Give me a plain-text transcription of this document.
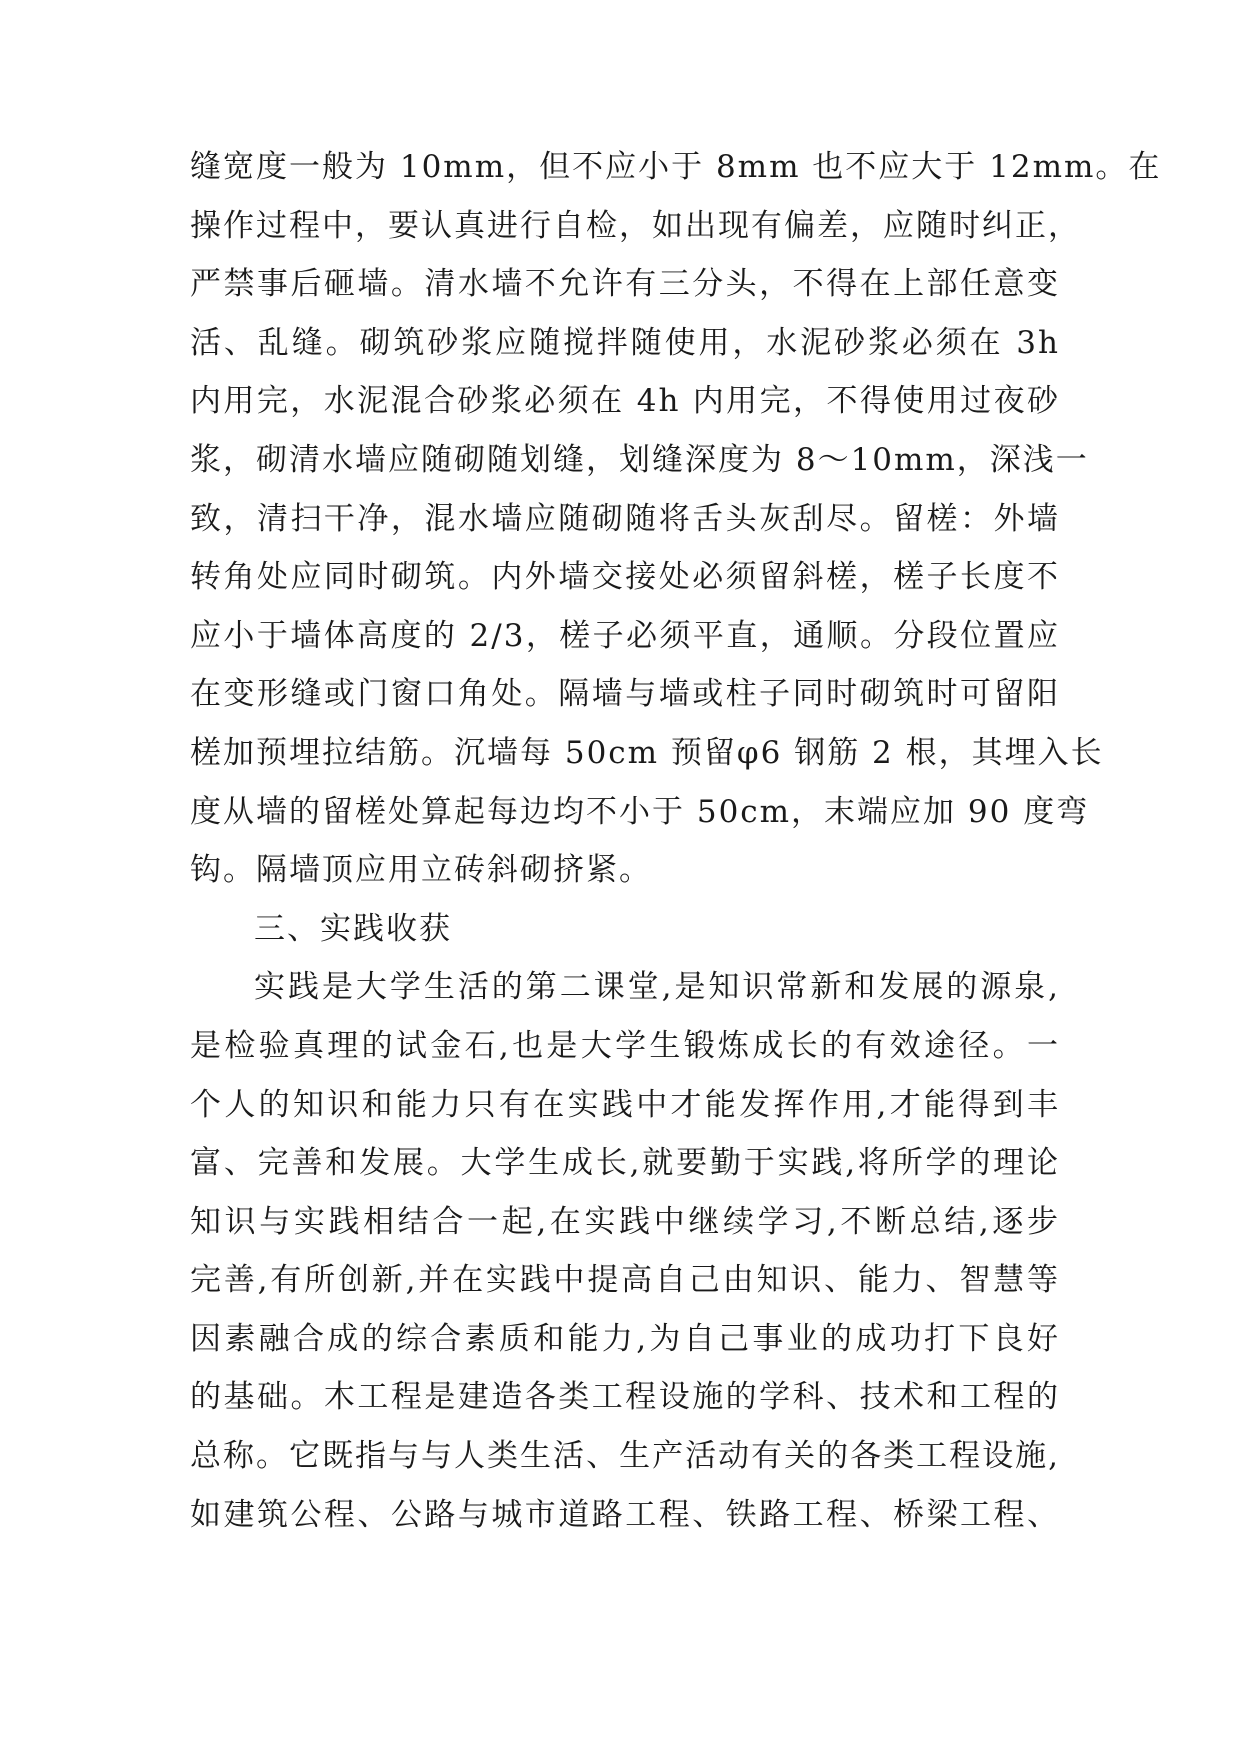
缝宽度一般为 10mm，但不应小于 8mm 也不应大于 12mm。在
操作过程中，要认真进行自检，如出现有偏差，应随时纠正，
严禁事后砸墙。清水墙不允许有三分头，不得在上部任意变
活、乱缝。砌筑砂浆应随搅拌随使用，水泥砂浆必须在 3h
内用完，水泥混合砂浆必须在 4h 内用完，不得使用过夜砂
浆，砌清水墙应随砌随划缝，划缝深度为 8～10mm，深浅一
致，清扫干净，混水墙应随砌随将舌头灰刮尽。留槎：外墙
转角处应同时砌筑。内外墙交接处必须留斜槎，槎子长度不
应小于墙体高度的 2/3，槎子必须平直，通顺。分段位置应
在变形缝或门窗口角处。隔墙与墙或柱子同时砌筑时可留阳
槎加预埋拉结筋。沉墙每 50cm 预留φ6 钢筋 2 根，其埋入长
度从墙的留槎处算起每边均不小于 50cm，末端应加 90 度弯
钩。隔墙顶应用立砖斜砌挤紧。
三、实践收获
实践是大学生活的第二课堂,是知识常新和发展的源泉,
是检验真理的试金石,也是大学生锻炼成长的有效途径。一
个人的知识和能力只有在实践中才能发挥作用,才能得到丰
富、完善和发展。大学生成长,就要勤于实践,将所学的理论
知识与实践相结合一起,在实践中继续学习,不断总结,逐步
完善,有所创新,并在实践中提高自己由知识、能力、智慧等
因素融合成的综合素质和能力,为自己事业的成功打下良好
的基础。木工程是建造各类工程设施的学科、技术和工程的
总称。它既指与与人类生活、生产活动有关的各类工程设施,
如建筑公程、公路与城市道路工程、铁路工程、桥梁工程、
